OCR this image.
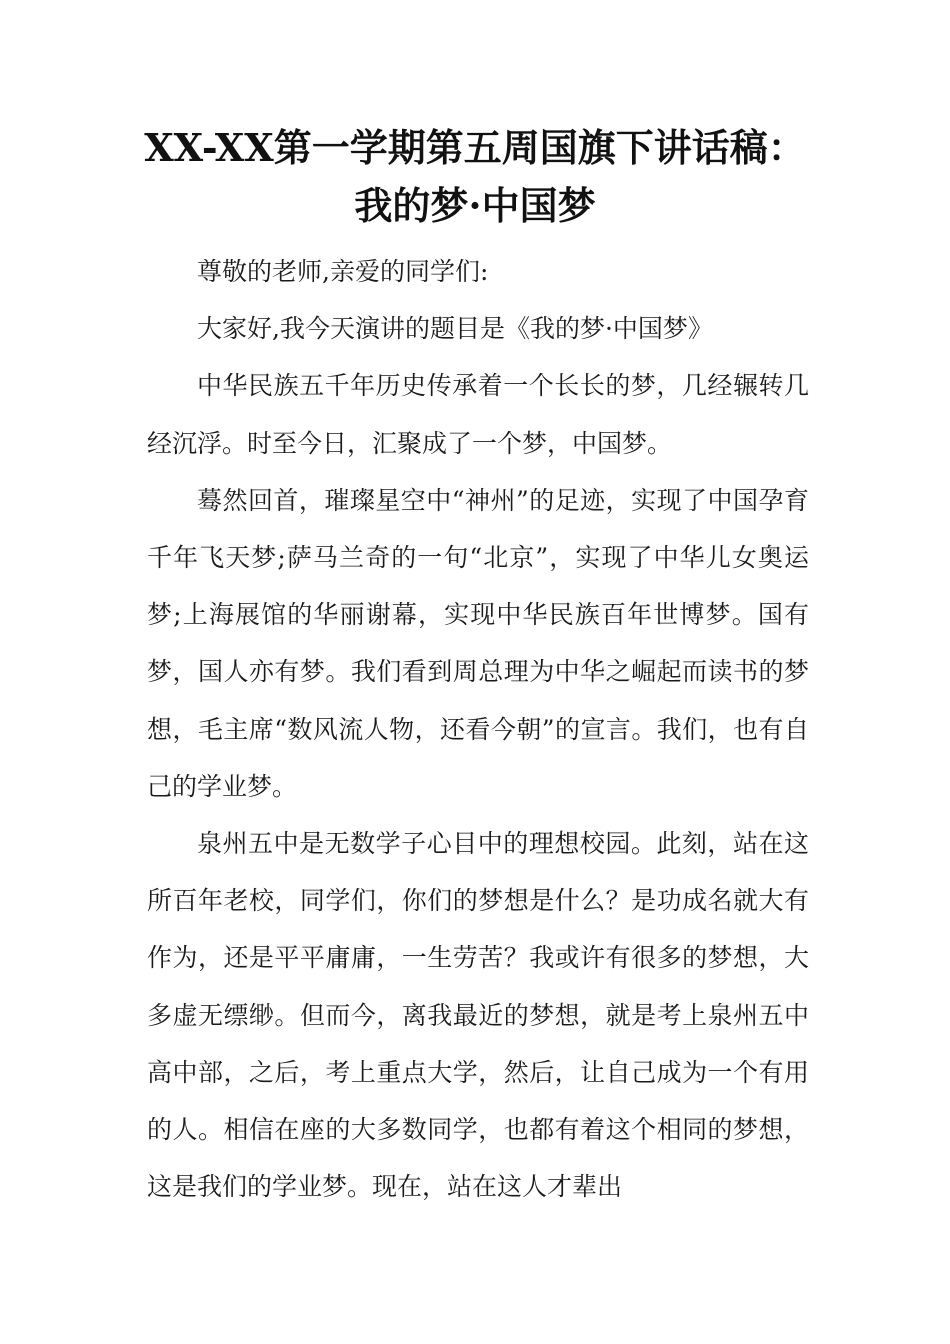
XX-XX第一学期第五周国旗下讲话稿：
我的梦·中国梦

尊敬的老师,亲爱的同学们:

大家好,我今天演讲的题目是《我的梦·中国梦》

中华民族五千年历史传承着一个长长的梦，几经辗转几经沉浮。时至今日，汇聚成了一个梦，中国梦。

蓦然回首，璀璨星空中“神州”的足迹，实现了中国孕育千年飞天梦;萨马兰奇的一句“北京”，实现了中华儿女奥运梦;上海展馆的华丽谢幕，实现中华民族百年世博梦。国有梦，国人亦有梦。我们看到周总理为中华之崛起而读书的梦想，毛主席“数风流人物，还看今朝”的宣言。我们，也有自己的学业梦。

泉州五中是无数学子心目中的理想校园。此刻，站在这所百年老校，同学们，你们的梦想是什么？是功成名就大有作为，还是平平庸庸，一生劳苦？我或许有很多的梦想，大多虚无缥缈。但而今，离我最近的梦想，就是考上泉州五中高中部，之后，考上重点大学，然后，让自己成为一个有用的人。相信在座的大多数同学，也都有着这个相同的梦想，这是我们的学业梦。现在，站在这人才辈出
